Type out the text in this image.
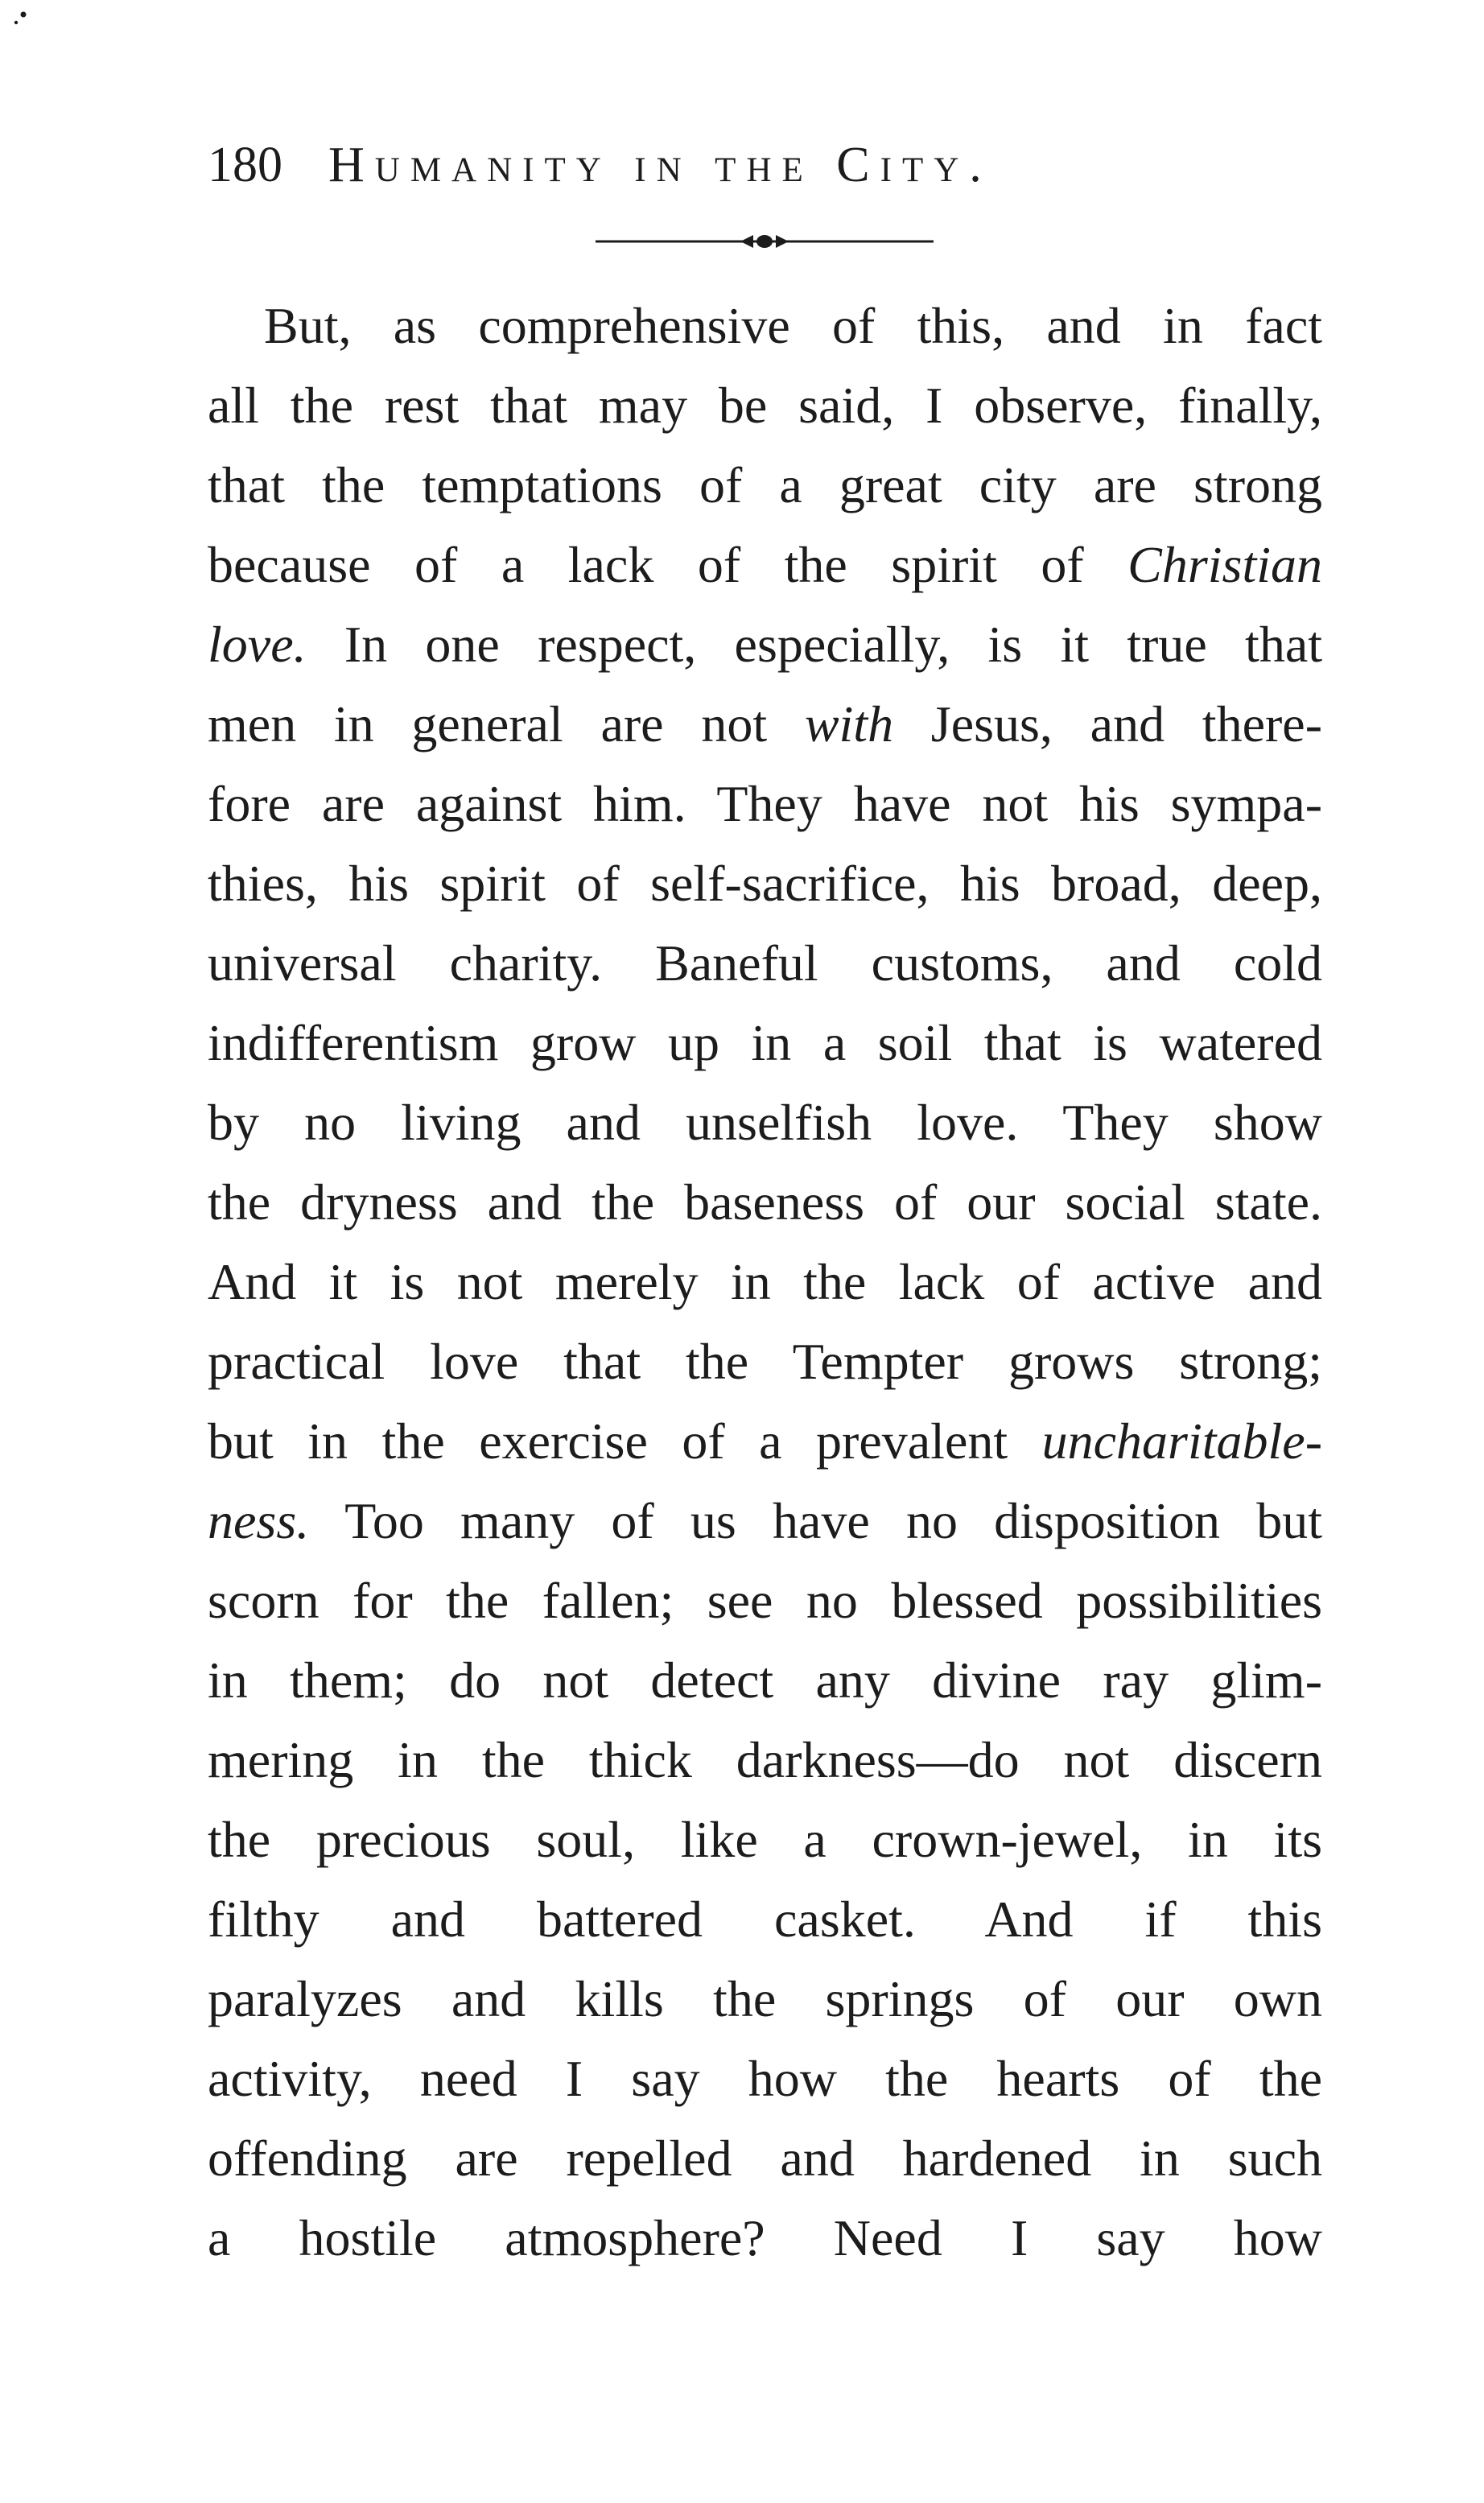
180 Humanity in the City.
But, as comprehensive of this, and in fact
all the rest that may be said, I observe, finally,
that the temptations of a great city are strong
because of a lack of the spirit of Christian
love. In one respect, especially, is it true that
men in general are not with Jesus, and there-
fore are against him. They have not his sympa-
thies, his spirit of self-sacrifice, his broad, deep,
universal charity. Baneful customs, and cold
indifferentism grow up in a soil that is watered
by no living and unselfish love. They show
the dryness and the baseness of our social state.
And it is not merely in the lack of active and
practical love that the Tempter grows strong;
but in the exercise of a prevalent uncharitable-
ness. Too many of us have no disposition but
scorn for the fallen; see no blessed possibilities
in them; do not detect any divine ray glim-
mering in the thick darkness—do not discern
the precious soul, like a crown-jewel, in its
filthy and battered casket. And if this
paralyzes and kills the springs of our own
activity, need I say how the hearts of the
offending are repelled and hardened in such
a hostile atmosphere? Need I say how
